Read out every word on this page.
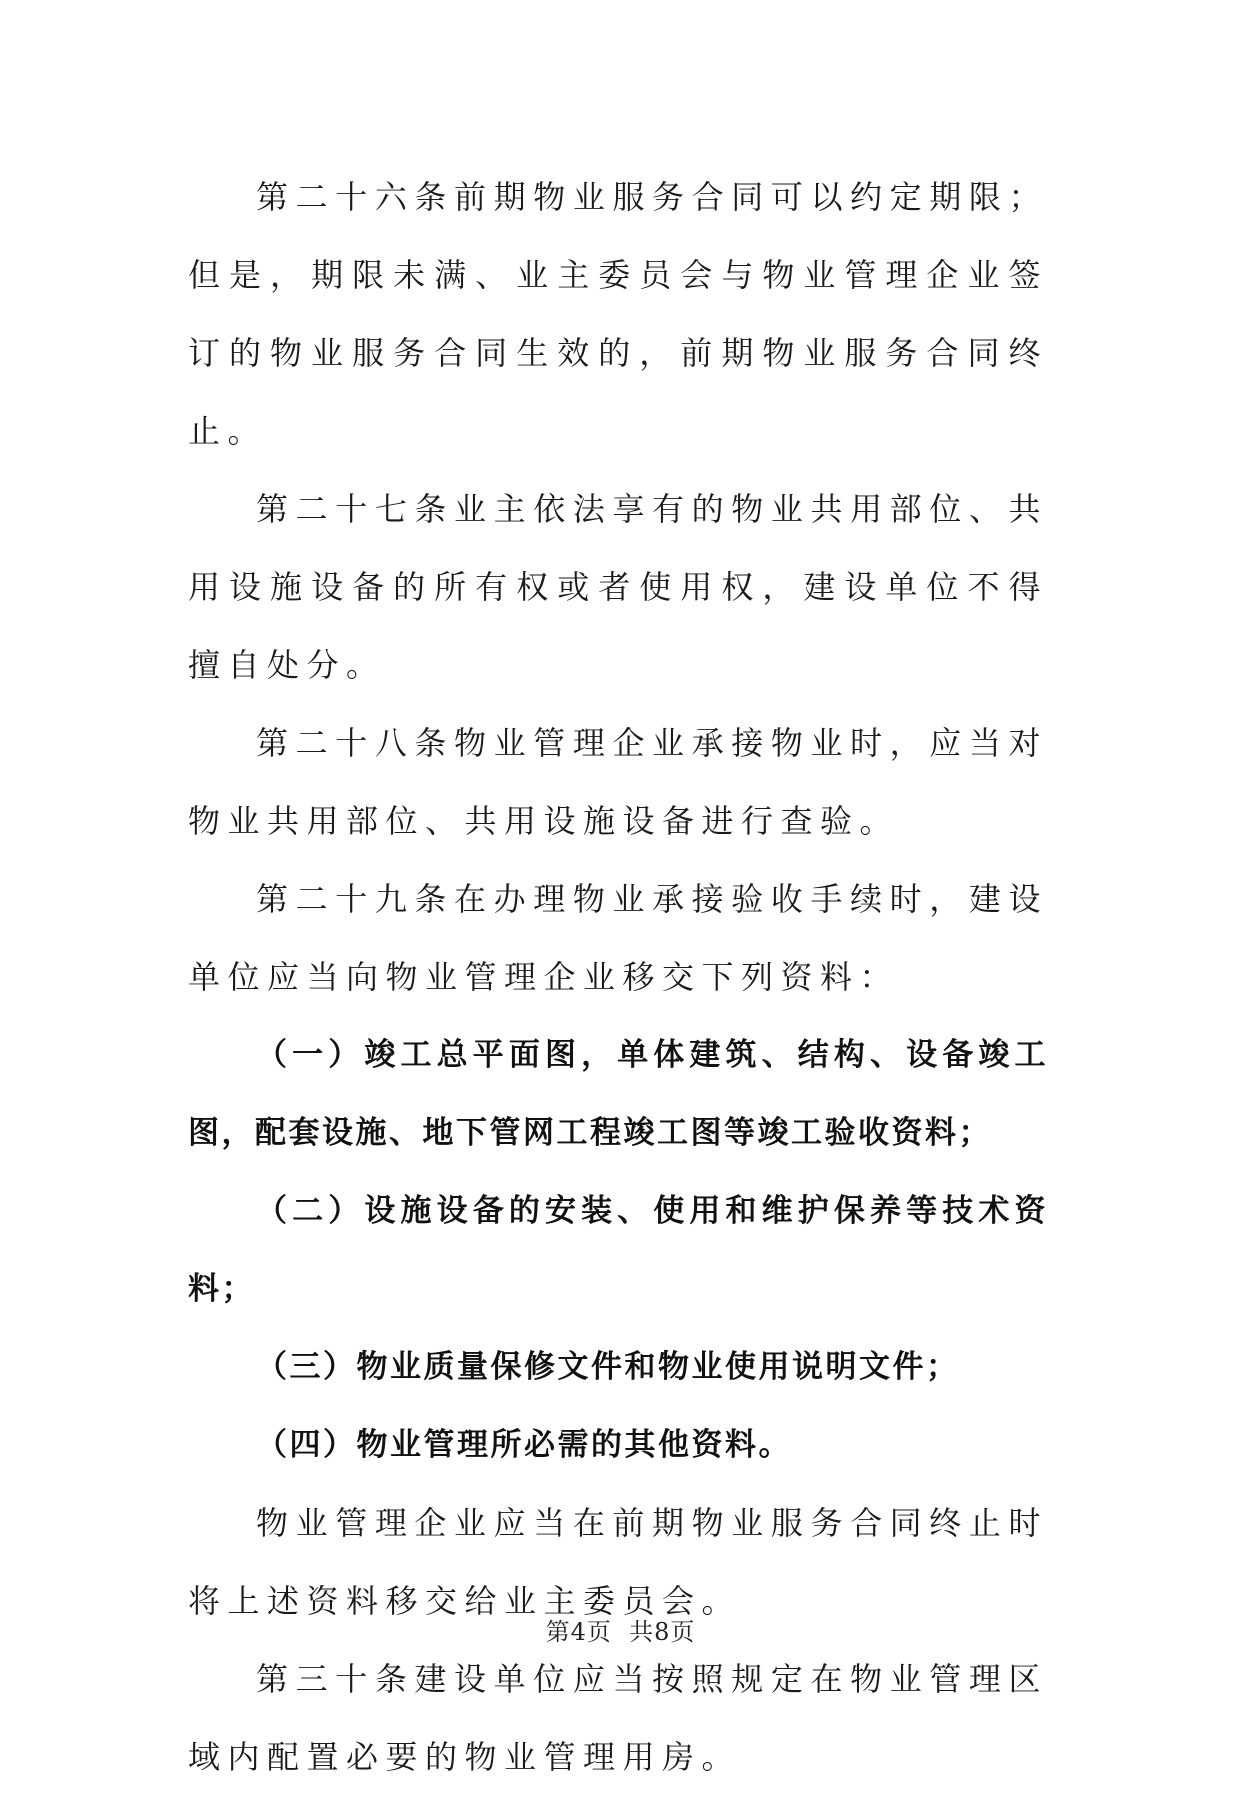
第二十六条前期物业服务合同可以约定期限；但是，期限未满、业主委员会与物业管理企业签订的物业服务合同生效的，前期物业服务合同终止。

第二十七条业主依法享有的物业共用部位、共用设施设备的所有权或者使用权，建设单位不得擅自处分。

第二十八条物业管理企业承接物业时，应当对物业共用部位、共用设施设备进行查验。

第二十九条在办理物业承接验收手续时，建设单位应当向物业管理企业移交下列资料：

（一）竣工总平面图，单体建筑、结构、设备竣工图，配套设施、地下管网工程竣工图等竣工验收资料；

（二）设施设备的安装、使用和维护保养等技术资料；

（三）物业质量保修文件和物业使用说明文件；

（四）物业管理所必需的其他资料。

物业管理企业应当在前期物业服务合同终止时将上述资料移交给业主委员会。

第三十条建设单位应当按照规定在物业管理区域内配置必要的物业管理用房。

第4页 共8页
